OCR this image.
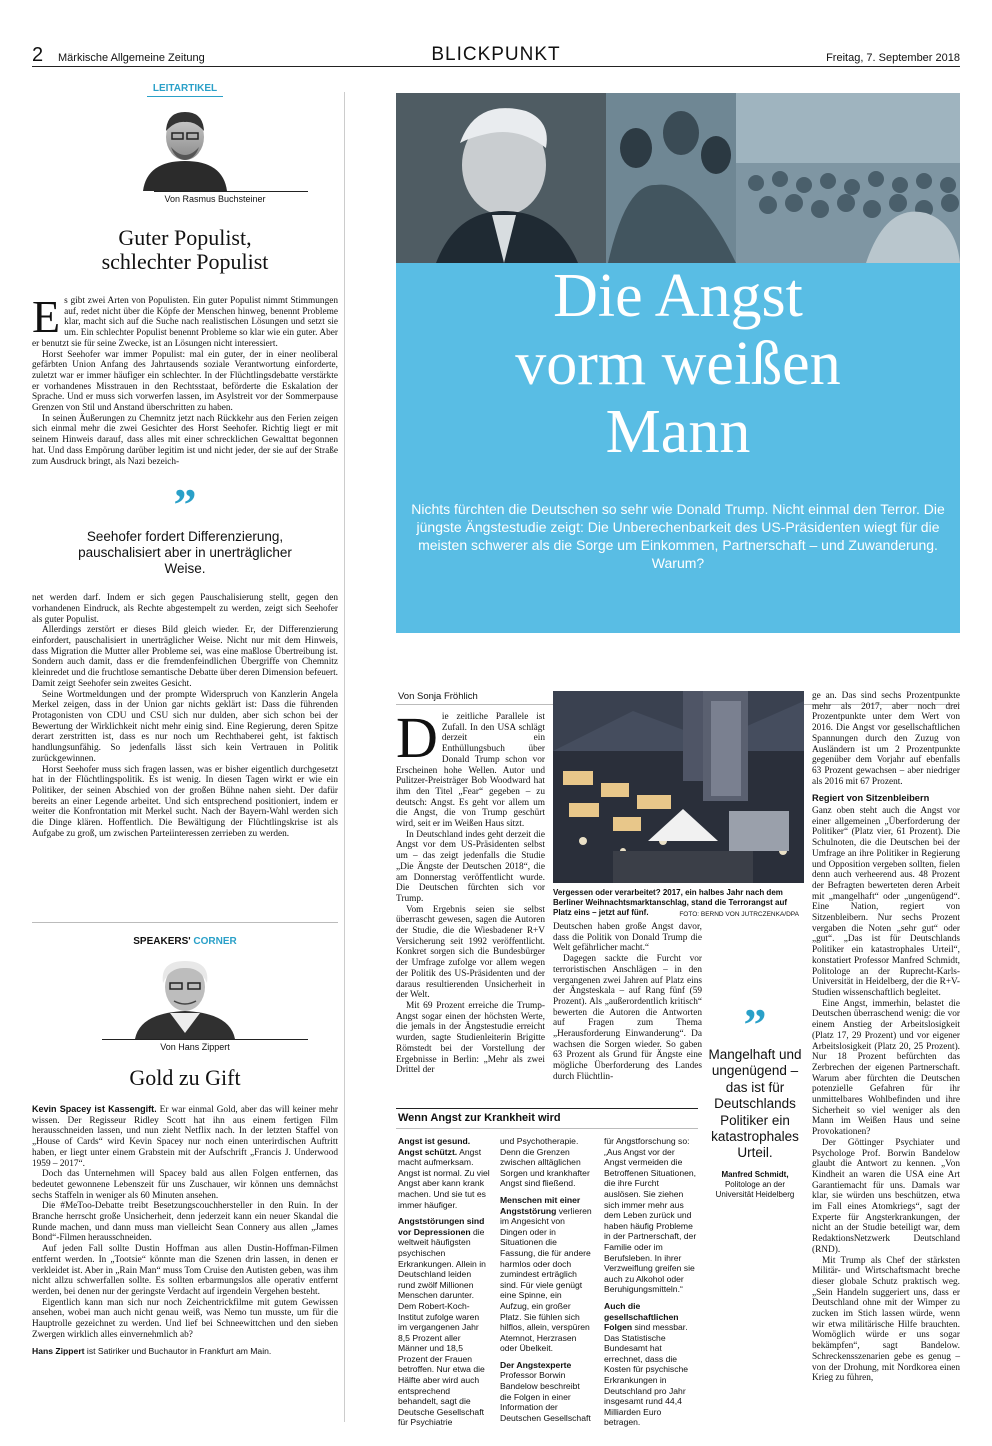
2 Märkische Allgemeine Zeitung	BLICKPUNKT	Freitag, 7. September 2018
LEITARTIKEL
Von Rasmus Buchsteiner
Guter Populist,
schlechter Populist

Es gibt zwei Arten von Populisten. Ein guter Populist nimmt Stimmungen auf, redet nicht über die Köpfe der Menschen hinweg, benennt Probleme klar, macht sich auf die Suche nach realistischen Lösungen und setzt sie um. Ein schlechter Populist benennt Probleme so klar wie ein guter. Aber er benutzt sie für seine Zwecke, ist an Lösungen nicht interessiert.

Horst Seehofer war immer Populist: mal ein guter, der in einer neoliberal gefärbten Union Anfang des Jahrtausends soziale Verantwortung einforderte, zuletzt war er immer häufiger ein schlechter. In der Flüchtlingsdebatte verstärkte er vorhandenes Misstrauen in den Rechtsstaat, beförderte die Eskalation der Sprache. Und er muss sich vorwerfen lassen, im Asylstreit vor der Sommerpause Grenzen von Stil und Anstand überschritten zu haben.

In seinen Äußerungen zu Chemnitz jetzt nach Rückkehr aus den Ferien zeigen sich einmal mehr die zwei Gesichter des Horst Seehofer. Richtig liegt er mit seinem Hinweis darauf, dass alles mit einer schrecklichen Gewalttat begonnen hat. Und dass Empörung darüber legitim ist und nicht jeder, der sie auf der Straße zum Ausdruck bringt, als Nazi bezeich-

”
Seehofer fordert Differenzierung, pauschalisiert aber in unerträglicher Weise.

net werden darf. Indem er sich gegen Pauschalisierung stellt, gegen den vorhandenen Eindruck, als Rechte abgestempelt zu werden, zeigt sich Seehofer als guter Populist.

Allerdings zerstört er dieses Bild gleich wieder. Er, der Differenzierung einfordert, pauschalisiert in unerträglicher Weise. Nicht nur mit dem Hinweis, dass Migration die Mutter aller Probleme sei, was eine maßlose Übertreibung ist. Sondern auch damit, dass er die fremdenfeindlichen Übergriffe von Chemnitz kleinredet und die fruchtlose semantische Debatte über deren Dimension befeuert. Damit zeigt Seehofer sein zweites Gesicht.

Seine Wortmeldungen und der prompte Widerspruch von Kanzlerin Angela Merkel zeigen, dass in der Union gar nichts geklärt ist: Dass die führenden Protagonisten von CDU und CSU sich nur dulden, aber sich schon bei der Bewertung der Wirklichkeit nicht mehr einig sind. Eine Regierung, deren Spitze derart zerstritten ist, dass es nur noch um Rechthaberei geht, ist faktisch handlungsunfähig. So jedenfalls lässt sich kein Vertrauen in Politik zurückgewinnen.

Horst Seehofer muss sich fragen lassen, was er bisher eigentlich durchgesetzt hat in der Flüchtlingspolitik. Es ist wenig. In diesen Tagen wirkt er wie ein Politiker, der seinen Abschied von der großen Bühne nahen sieht. Der dafür bereits an einer Legende arbeitet. Und sich entsprechend positioniert, indem er weiter die Konfrontation mit Merkel sucht. Nach der Bayern-Wahl werden sich die Dinge klären. Hoffentlich. Die Bewältigung der Flüchtlingskrise ist als Aufgabe zu groß, um zwischen Parteiinteressen zerrieben zu werden.

SPEAKERS' CORNER
Von Hans Zippert
Gold zu Gift

Kevin Spacey ist Kassengift. Er war einmal Gold, aber das will keiner mehr wissen. Der Regisseur Ridley Scott hat ihn aus einem fertigen Film herausschneiden lassen, und nun zieht Netflix nach. In der letzten Staffel von „House of Cards“ wird Kevin Spacey nur noch einen unterirdischen Auftritt haben, er liegt unter einem Grabstein mit der Aufschrift „Francis J. Underwood 1959 – 2017“.

Doch das Unternehmen will Spacey bald aus allen Folgen entfernen, das bedeutet gewonnene Lebenszeit für uns Zuschauer, wir können uns demnächst sechs Staffeln in weniger als 60 Minuten ansehen.

Die #MeToo-Debatte treibt Besetzungscouchhersteller in den Ruin. In der Branche herrscht große Unsicherheit, denn jederzeit kann ein neuer Skandal die Runde machen, und dann muss man vielleicht Sean Connery aus allen „James Bond“-Filmen herausschneiden.

Auf jeden Fall sollte Dustin Hoffman aus allen Dustin-Hoffman-Filmen entfernt werden. In „Tootsie“ könnte man die Szenen drin lassen, in denen er verkleidet ist. Aber in „Rain Man“ muss Tom Cruise den Autisten geben, was ihm nicht allzu schwerfallen sollte. Es sollten erbarmungslos alle operativ entfernt werden, bei denen nur der geringste Verdacht auf irgendein Vergehen besteht.

Eigentlich kann man sich nur noch Zeichentrickfilme mit gutem Gewissen ansehen, wobei man auch nicht genau weiß, was Nemo tun musste, um für die Hauptrolle gezeichnet zu werden. Und lief bei Schneewittchen und den sieben Zwergen wirklich alles einvernehmlich ab?

Hans Zippert ist Satiriker und Buchautor in Frankfurt am Main.

Die Angst
vorm weißen
Mann
Nichts fürchten die Deutschen so sehr wie Donald Trump. Nicht einmal den Terror. Die jüngste Ängstestudie zeigt: Die Unberechenbarkeit des US-Präsidenten wiegt für die meisten schwerer als die Sorge um Einkommen, Partnerschaft – und Zuwanderung. Warum?
Von Sonja Fröhlich

Die zeitliche Parallele ist Zufall. In den USA schlägt derzeit ein Enthüllungsbuch über Donald Trump schon vor Erscheinen hohe Wellen. Autor und Pulitzer-Preisträger Bob Woodward hat ihm den Titel „Fear“ gegeben – zu deutsch: Angst. Es geht vor allem um die Angst, die von Trump geschürt wird, seit er im Weißen Haus sitzt.

In Deutschland indes geht derzeit die Angst vor dem US-Präsidenten selbst um – das zeigt jedenfalls die Studie „Die Ängste der Deutschen 2018“, die am Donnerstag veröffentlicht wurde. Die Deutschen fürchten sich vor Trump.

Vom Ergebnis seien sie selbst überrascht gewesen, sagen die Autoren der Studie, die die Wiesbadener R+V Versicherung seit 1992 veröffentlicht. Konkret sorgen sich die Bundesbürger der Umfrage zufolge vor allem wegen der Politik des US-Präsidenten und der daraus resultierenden Unsicherheit in der Welt.

Mit 69 Prozent erreiche die Trump-Angst sogar einen der höchsten Werte, die jemals in der Ängstestudie erreicht wurden, sagte Studienleiterin Brigitte Römstedt bei der Vorstellung der Ergebnisse in Berlin: „Mehr als zwei Drittel der

Vergessen oder verarbeitet? 2017, ein halbes Jahr nach dem Berliner Weihnachtsmarktanschlag, stand die Terrorangst auf Platz eins – jetzt auf fünf.	FOTO: BERND VON JUTRCZENKA/DPA

Deutschen haben große Angst davor, dass die Politik von Donald Trump die Welt gefährlicher macht.“

Dagegen sackte die Furcht vor terroristischen Anschlägen – in den vergangenen zwei Jahren auf Platz eins der Ängsteskala – auf Rang fünf (59 Prozent). Als „außerordentlich kritisch“ bewerten die Autoren die Antworten auf Fragen zum Thema „Herausforderung Einwanderung“. Da wachsen die Sorgen wieder. So gaben 63 Prozent als Grund für Ängste eine mögliche Überforderung des Landes durch Flüchtlin-

”
Mangelhaft und ungenügend – das ist für Deutschlands Politiker ein katastrophales Urteil.
Manfred Schmidt,
Politologe an der Universität Heidelberg

ge an. Das sind sechs Prozentpunkte mehr als 2017, aber noch drei Prozentpunkte unter dem Wert von 2016. Die Angst vor gesellschaftlichen Spannungen durch den Zuzug von Ausländern ist um 2 Prozentpunkte gegenüber dem Vorjahr auf ebenfalls 63 Prozent gewachsen – aber niedriger als 2016 mit 67 Prozent.

Regiert von Sitzenbleibern

Ganz oben steht auch die Angst vor einer allgemeinen „Überforderung der Politiker“ (Platz vier, 61 Prozent). Die Schulnoten, die die Deutschen bei der Umfrage an ihre Politiker in Regierung und Opposition vergeben sollten, fielen denn auch verheerend aus. 48 Prozent der Befragten bewerteten deren Arbeit mit „mangelhaft“ oder „ungenügend“. Eine Nation, regiert von Sitzenbleibern. Nur sechs Prozent vergaben die Noten „sehr gut“ oder „gut“. „Das ist für Deutschlands Politiker ein katastrophales Urteil“, konstatiert Professor Manfred Schmidt, Politologe an der Ruprecht-Karls-Universität in Heidelberg, der die R+V-Studien wissenschaftlich begleitet.

Eine Angst, immerhin, belastet die Deutschen überraschend wenig: die vor einem Anstieg der Arbeitslosigkeit (Platz 17, 29 Prozent) und vor eigener Arbeitslosigkeit (Platz 20, 25 Prozent). Nur 18 Prozent befürchten das Zerbrechen der eigenen Partnerschaft. Warum aber fürchten die Deutschen potenzielle Gefahren für ihr unmittelbares Wohlbefinden und ihre Sicherheit so viel weniger als den Mann im Weißen Haus und seine Provokationen?

Der Göttinger Psychiater und Psychologe Prof. Borwin Bandelow glaubt die Antwort zu kennen. „Von Kindheit an waren die USA eine Art Garantiemacht für uns. Damals war klar, sie würden uns beschützen, etwa im Fall eines Atomkriegs“, sagt der Experte für Angsterkrankungen, der nicht an der Studie beteiligt war, dem RedaktionsNetzwerk Deutschland (RND).

Mit Trump als Chef der stärksten Militär- und Wirtschaftsmacht breche dieser globale Schutz praktisch weg. „Sein Handeln suggeriert uns, dass er Deutschland ohne mit der Wimper zu zucken im Stich lassen würde, wenn wir etwa militärische Hilfe brauchten. Womöglich würde er uns sogar bekämpfen“, sagt Bandelow. Schreckensszenarien gebe es genug – von der Drohung, mit Nordkorea einen Krieg zu führen,

Wenn Angst zur Krankheit wird

Angst ist gesund. Angst schützt. Angst macht aufmerksam. Angst ist normal. Zu viel Angst aber kann krank machen. Und sie tut es immer häufiger.

Angststörungen sind vor Depressionen die weltweit häufigsten psychischen Erkrankungen. Allein in Deutschland leiden rund zwölf Millionen Menschen darunter. Dem Robert-Koch-Institut zufolge waren im vergangenen Jahr 8,5 Prozent aller Männer und 18,5 Prozent der Frauen betroffen. Nur etwa die Hälfte aber wird auch entsprechend behandelt, sagt die Deutsche Gesellschaft für Psychiatrie

und Psychotherapie. Denn die Grenzen zwischen alltäglichen Sorgen und krankhafter Angst sind fließend.

Menschen mit einer Angststörung verlieren im Angesicht von Dingen oder in Situationen die Fassung, die für andere harmlos oder doch zumindest erträglich sind. Für viele genügt eine Spinne, ein Aufzug, ein großer Platz. Sie fühlen sich hilflos, allein, verspüren Atemnot, Herzrasen oder Übelkeit.

Der Angstexperte Professor Borwin Bandelow beschreibt die Folgen in einer Information der Deutschen Gesellschaft

für Angstforschung so: „Aus Angst vor der Angst vermeiden die Betroffenen Situationen, die ihre Furcht auslösen. Sie ziehen sich immer mehr aus dem Leben zurück und haben häufig Probleme in der Partnerschaft, der Familie oder im Berufsleben. In ihrer Verzweiflung greifen sie auch zu Alkohol oder Beruhigungsmitteln.“

Auch die gesellschaftlichen Folgen sind messbar. Das Statistische Bundesamt hat errechnet, dass die Kosten für psychische Erkrankungen in Deutschland pro Jahr insgesamt rund 44,4 Milliarden Euro betragen.
